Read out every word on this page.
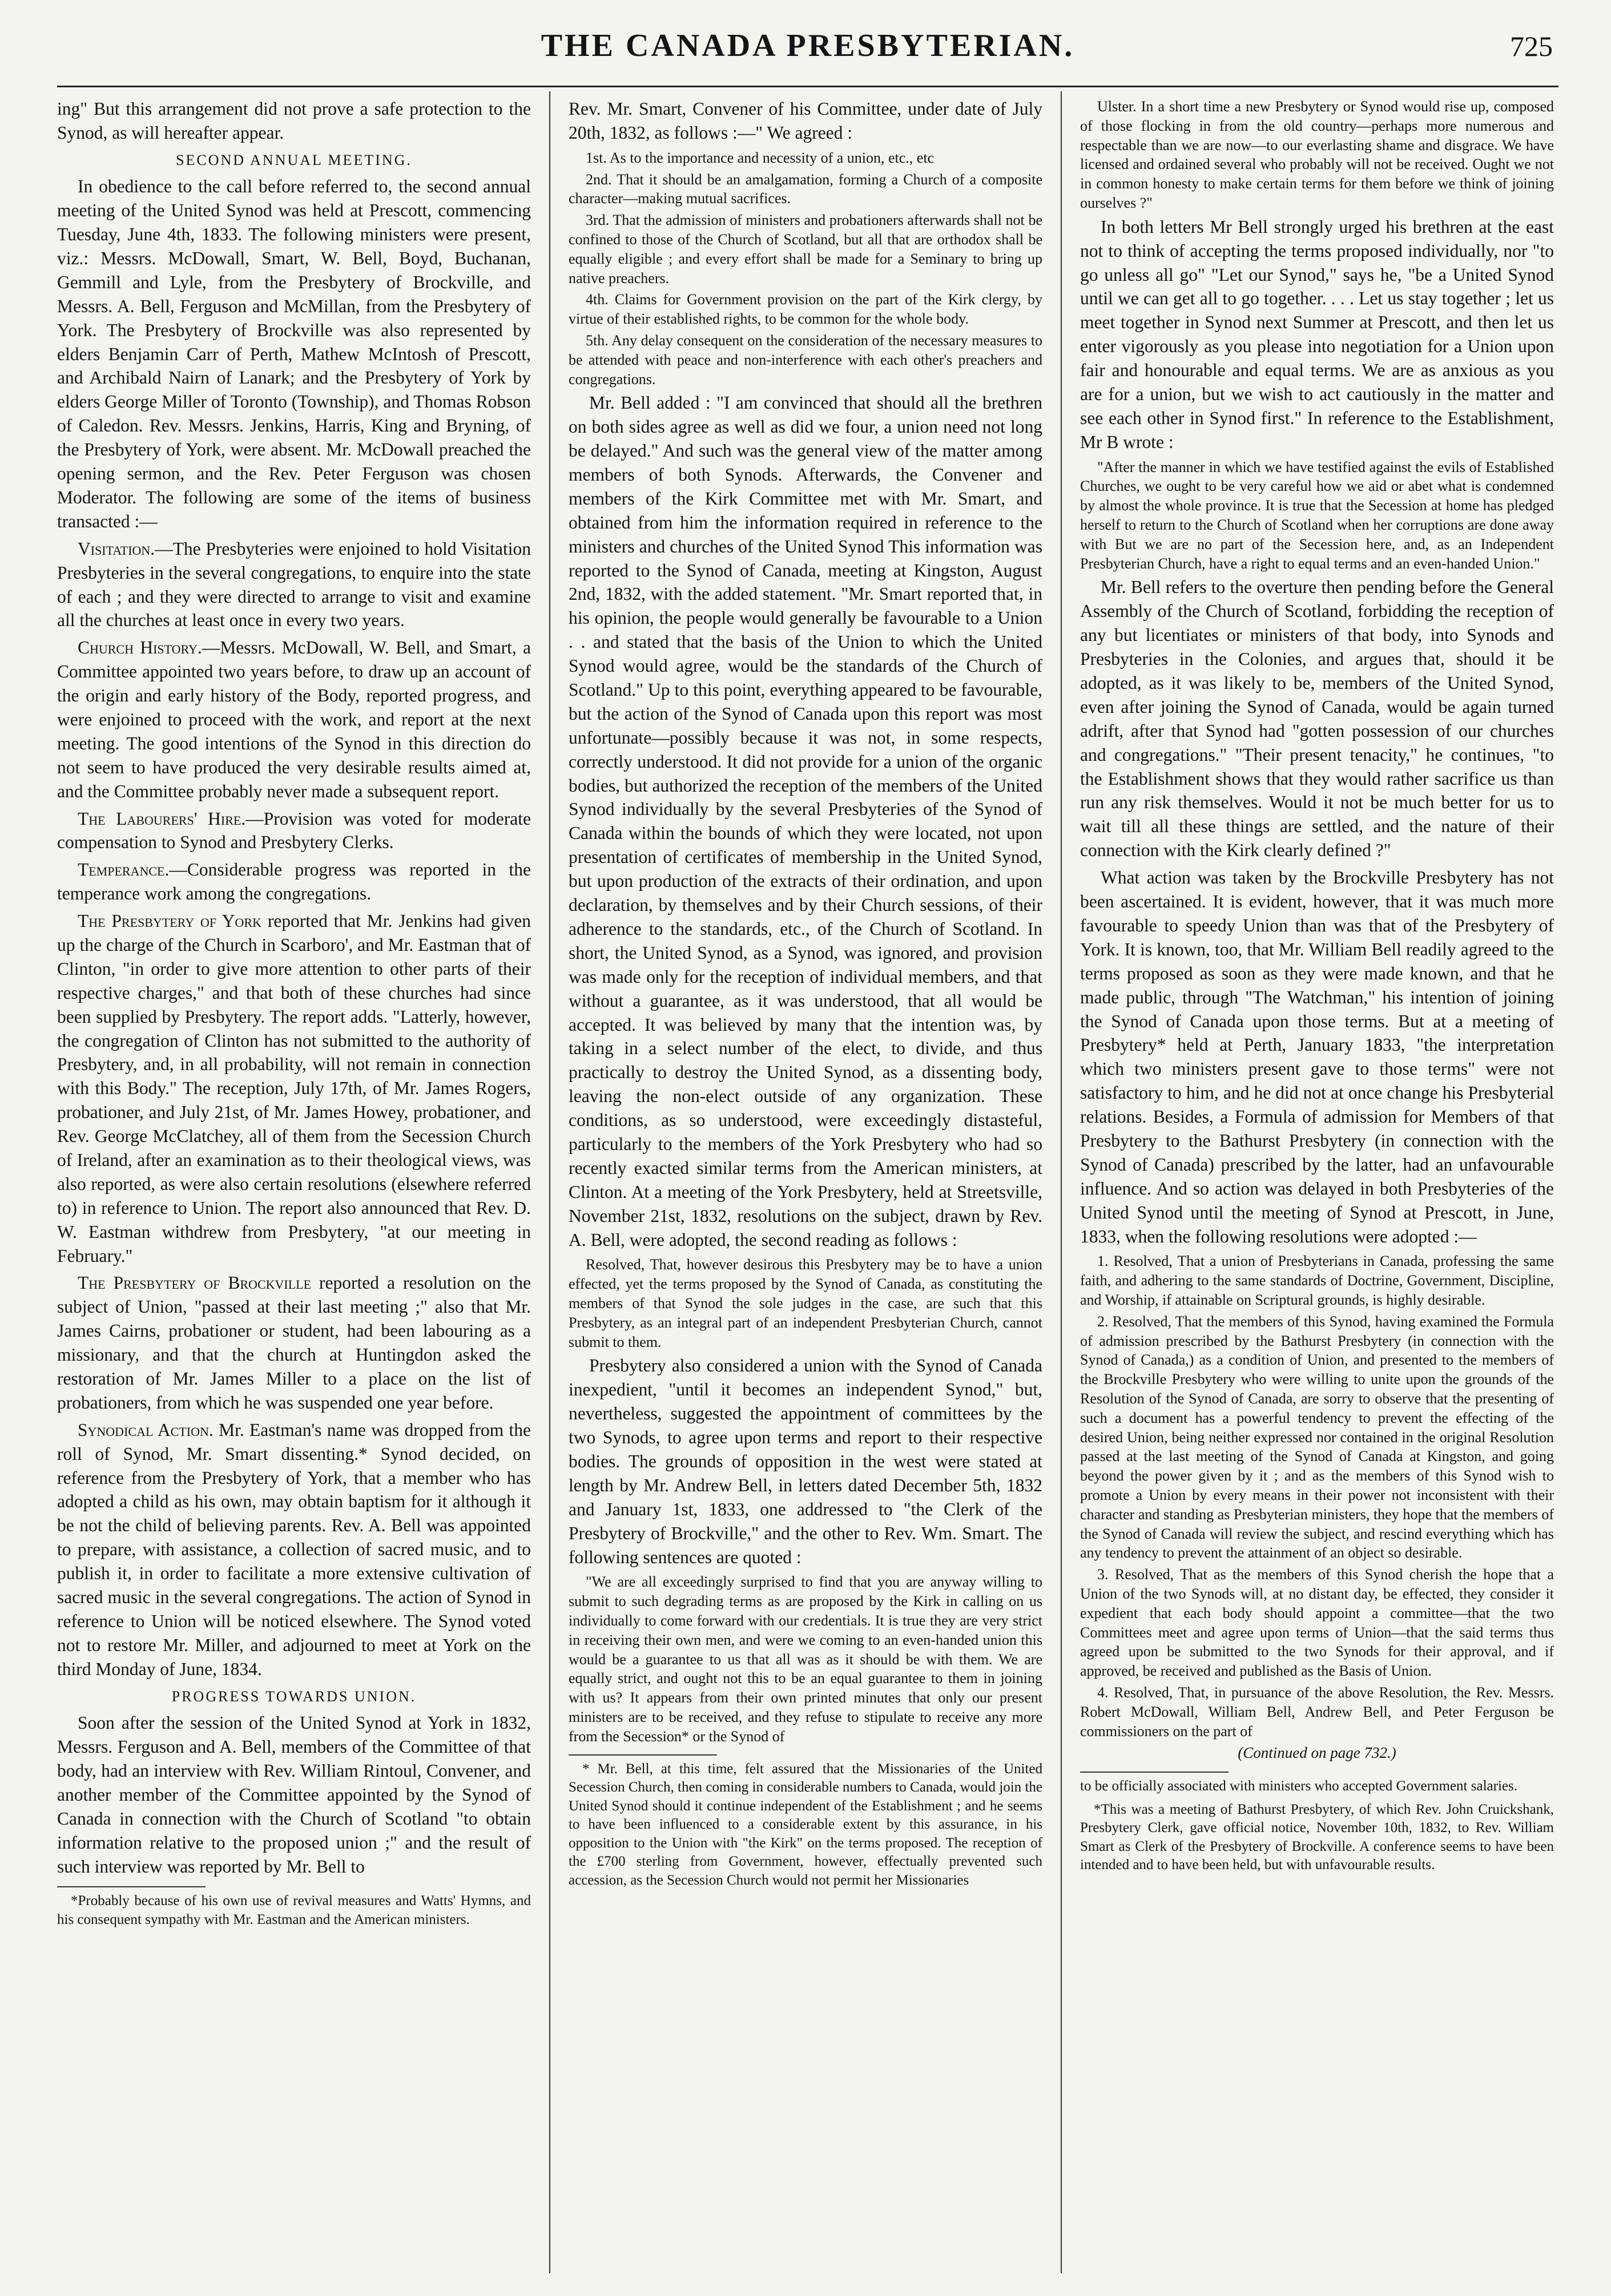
THE CANADA PRESBYTERIAN.	725

ing" But this arrangement did not prove a safe protection to the Synod, as will hereafter appear.

SECOND ANNUAL MEETING.

In obedience to the call before referred to, the second annual meeting of the United Synod was held at Prescott, commencing Tuesday, June 4th, 1833. The following ministers were present, viz.: Messrs. McDowall, Smart, W. Bell, Boyd, Buchanan, Gemmill and Lyle, from the Presbytery of Brockville, and Messrs. A. Bell, Ferguson and McMillan, from the Presbytery of York. The Presbytery of Brockville was also represented by elders Benjamin Carr of Perth, Mathew McIntosh of Prescott, and Archibald Nairn of Lanark; and the Presbytery of York by elders George Miller of Toronto (Township), and Thomas Robson of Caledon. Rev. Messrs. Jenkins, Harris, King and Bryning, of the Presbytery of York, were absent. Mr. McDowall preached the opening sermon, and the Rev. Peter Ferguson was chosen Moderator. The following are some of the items of business transacted :—

Visitation.—The Presbyteries were enjoined to hold Visitation Presbyteries in the several congregations, to enquire into the state of each ; and they were directed to arrange to visit and examine all the churches at least once in every two years.

Church History.—Messrs. McDowall, W. Bell, and Smart, a Committee appointed two years before, to draw up an account of the origin and early history of the Body, reported progress, and were enjoined to proceed with the work, and report at the next meeting. The good intentions of the Synod in this direction do not seem to have produced the very desirable results aimed at, and the Committee probably never made a subsequent report.

The Labourers' Hire.—Provision was voted for moderate compensation to Synod and Presbytery Clerks.

Temperance.—Considerable progress was reported in the temperance work among the congregations.

The Presbytery of York reported that Mr. Jenkins had given up the charge of the Church in Scarboro', and Mr. Eastman that of Clinton, "in order to give more attention to other parts of their respective charges," and that both of these churches had since been supplied by Presbytery. The report adds. "Latterly, however, the congregation of Clinton has not submitted to the authority of Presbytery, and, in all probability, will not remain in connection with this Body." The reception, July 17th, of Mr. James Rogers, probationer, and July 21st, of Mr. James Howey, probationer, and Rev. George McClatchey, all of them from the Secession Church of Ireland, after an examination as to their theological views, was also reported, as were also certain resolutions (elsewhere referred to) in reference to Union. The report also announced that Rev. D. W. Eastman withdrew from Presbytery, "at our meeting in February."

The Presbytery of Brockville reported a resolution on the subject of Union, "passed at their last meeting ;" also that Mr. James Cairns, probationer or student, had been labouring as a missionary, and that the church at Huntingdon asked the restoration of Mr. James Miller to a place on the list of probationers, from which he was suspended one year before.

Synodical Action. Mr. Eastman's name was dropped from the roll of Synod, Mr. Smart dissenting.* Synod decided, on reference from the Presbytery of York, that a member who has adopted a child as his own, may obtain baptism for it although it be not the child of believing parents. Rev. A. Bell was appointed to prepare, with assistance, a collection of sacred music, and to publish it, in order to facilitate a more extensive cultivation of sacred music in the several congregations. The action of Synod in reference to Union will be noticed elsewhere. The Synod voted not to restore Mr. Miller, and adjourned to meet at York on the third Monday of June, 1834.

PROGRESS TOWARDS UNION.

Soon after the session of the United Synod at York in 1832, Messrs. Ferguson and A. Bell, members of the Committee of that body, had an interview with Rev. William Rintoul, Convener, and another member of the Committee appointed by the Synod of Canada in connection with the Church of Scotland "to obtain information relative to the proposed union ;" and the result of such interview was reported by Mr. Bell to

*Probably because of his own use of revival measures and Watts' Hymns, and his consequent sympathy with Mr. Eastman and the American ministers.

Rev. Mr. Smart, Convener of his Committee, under date of July 20th, 1832, as follows :—" We agreed :

1st. As to the importance and necessity of a union, etc., etc

2nd. That it should be an amalgamation, forming a Church of a composite character—making mutual sacrifices.

3rd. That the admission of ministers and probationers afterwards shall not be confined to those of the Church of Scotland, but all that are orthodox shall be equally eligible ; and every effort shall be made for a Seminary to bring up native preachers.

4th. Claims for Government provision on the part of the Kirk clergy, by virtue of their established rights, to be common for the whole body.

5th. Any delay consequent on the consideration of the necessary measures to be attended with peace and non-interference with each other's preachers and congregations.

Mr. Bell added : "I am convinced that should all the brethren on both sides agree as well as did we four, a union need not long be delayed." And such was the general view of the matter among members of both Synods. Afterwards, the Convener and members of the Kirk Committee met with Mr. Smart, and obtained from him the information required in reference to the ministers and churches of the United Synod This information was reported to the Synod of Canada, meeting at Kingston, August 2nd, 1832, with the added statement. "Mr. Smart reported that, in his opinion, the people would generally be favourable to a Union . . and stated that the basis of the Union to which the United Synod would agree, would be the standards of the Church of Scotland." Up to this point, everything appeared to be favourable, but the action of the Synod of Canada upon this report was most unfortunate—possibly because it was not, in some respects, correctly understood. It did not provide for a union of the organic bodies, but authorized the reception of the members of the United Synod individually by the several Presbyteries of the Synod of Canada within the bounds of which they were located, not upon presentation of certificates of membership in the United Synod, but upon production of the extracts of their ordination, and upon declaration, by themselves and by their Church sessions, of their adherence to the standards, etc., of the Church of Scotland. In short, the United Synod, as a Synod, was ignored, and provision was made only for the reception of individual members, and that without a guarantee, as it was understood, that all would be accepted. It was believed by many that the intention was, by taking in a select number of the elect, to divide, and thus practically to destroy the United Synod, as a dissenting body, leaving the non-elect outside of any organization. These conditions, as so understood, were exceedingly distasteful, particularly to the members of the York Presbytery who had so recently exacted similar terms from the American ministers, at Clinton. At a meeting of the York Presbytery, held at Streetsville, November 21st, 1832, resolutions on the subject, drawn by Rev. A. Bell, were adopted, the second reading as follows :

Resolved, That, however desirous this Presbytery may be to have a union effected, yet the terms proposed by the Synod of Canada, as constituting the members of that Synod the sole judges in the case, are such that this Presbytery, as an integral part of an independent Presbyterian Church, cannot submit to them.

Presbytery also considered a union with the Synod of Canada inexpedient, "until it becomes an independent Synod," but, nevertheless, suggested the appointment of committees by the two Synods, to agree upon terms and report to their respective bodies. The grounds of opposition in the west were stated at length by Mr. Andrew Bell, in letters dated December 5th, 1832 and January 1st, 1833, one addressed to "the Clerk of the Presbytery of Brockville," and the other to Rev. Wm. Smart. The following sentences are quoted :

"We are all exceedingly surprised to find that you are anyway willing to submit to such degrading terms as are proposed by the Kirk in calling on us individually to come forward with our credentials. It is true they are very strict in receiving their own men, and were we coming to an even-handed union this would be a guarantee to us that all was as it should be with them. We are equally strict, and ought not this to be an equal guarantee to them in joining with us? It appears from their own printed minutes that only our present ministers are to be received, and they refuse to stipulate to receive any more from the Secession* or the Synod of

* Mr. Bell, at this time, felt assured that the Missionaries of the United Secession Church, then coming in considerable numbers to Canada, would join the United Synod should it continue independent of the Establishment ; and he seems to have been influenced to a considerable extent by this assurance, in his opposition to the Union with "the Kirk" on the terms proposed. The reception of the £700 sterling from Government, however, effectually prevented such accession, as the Secession Church would not permit her Missionaries

Ulster. In a short time a new Presbytery or Synod would rise up, composed of those flocking in from the old country—perhaps more numerous and respectable than we are now—to our everlasting shame and disgrace. We have licensed and ordained several who probably will not be received. Ought we not in common honesty to make certain terms for them before we think of joining ourselves ?"

In both letters Mr Bell strongly urged his brethren at the east not to think of accepting the terms proposed individually, nor "to go unless all go" "Let our Synod," says he, "be a United Synod until we can get all to go together. . . . Let us stay together ; let us meet together in Synod next Summer at Prescott, and then let us enter vigorously as you please into negotiation for a Union upon fair and honourable and equal terms. We are as anxious as you are for a union, but we wish to act cautiously in the matter and see each other in Synod first." In reference to the Establishment, Mr B wrote :

"After the manner in which we have testified against the evils of Established Churches, we ought to be very careful how we aid or abet what is condemned by almost the whole province. It is true that the Secession at home has pledged herself to return to the Church of Scotland when her corruptions are done away with But we are no part of the Secession here, and, as an Independent Presbyterian Church, have a right to equal terms and an even-handed Union."

Mr. Bell refers to the overture then pending before the General Assembly of the Church of Scotland, forbidding the reception of any but licentiates or ministers of that body, into Synods and Presbyteries in the Colonies, and argues that, should it be adopted, as it was likely to be, members of the United Synod, even after joining the Synod of Canada, would be again turned adrift, after that Synod had "gotten possession of our churches and congregations." "Their present tenacity," he continues, "to the Establishment shows that they would rather sacrifice us than run any risk themselves. Would it not be much better for us to wait till all these things are settled, and the nature of their connection with the Kirk clearly defined ?"

What action was taken by the Brockville Presbytery has not been ascertained. It is evident, however, that it was much more favourable to speedy Union than was that of the Presbytery of York. It is known, too, that Mr. William Bell readily agreed to the terms proposed as soon as they were made known, and that he made public, through "The Watchman," his intention of joining the Synod of Canada upon those terms. But at a meeting of Presbytery* held at Perth, January 1833, "the interpretation which two ministers present gave to those terms" were not satisfactory to him, and he did not at once change his Presbyterial relations. Besides, a Formula of admission for Members of that Presbytery to the Bathurst Presbytery (in connection with the Synod of Canada) prescribed by the latter, had an unfavourable influence. And so action was delayed in both Presbyteries of the United Synod until the meeting of Synod at Prescott, in June, 1833, when the following resolutions were adopted :—

1. Resolved, That a union of Presbyterians in Canada, professing the same faith, and adhering to the same standards of Doctrine, Government, Discipline, and Worship, if attainable on Scriptural grounds, is highly desirable.

2. Resolved, That the members of this Synod, having examined the Formula of admission prescribed by the Bathurst Presbytery (in connection with the Synod of Canada,) as a condition of Union, and presented to the members of the Brockville Presbytery who were willing to unite upon the grounds of the Resolution of the Synod of Canada, are sorry to observe that the presenting of such a document has a powerful tendency to prevent the effecting of the desired Union, being neither expressed nor contained in the original Resolution passed at the last meeting of the Synod of Canada at Kingston, and going beyond the power given by it ; and as the members of this Synod wish to promote a Union by every means in their power not inconsistent with their character and standing as Presbyterian ministers, they hope that the members of the Synod of Canada will review the subject, and rescind everything which has any tendency to prevent the attainment of an object so desirable.

3. Resolved, That as the members of this Synod cherish the hope that a Union of the two Synods will, at no distant day, be effected, they consider it expedient that each body should appoint a committee—that the two Committees meet and agree upon terms of Union—that the said terms thus agreed upon be submitted to the two Synods for their approval, and if approved, be received and published as the Basis of Union.

4. Resolved, That, in pursuance of the above Resolution, the Rev. Messrs. Robert McDowall, William Bell, Andrew Bell, and Peter Ferguson be commissioners on the part of

(Continued on page 732.)

to be officially associated with ministers who accepted Government salaries.

*This was a meeting of Bathurst Presbytery, of which Rev. John Cruickshank, Presbytery Clerk, gave official notice, November 10th, 1832, to Rev. William Smart as Clerk of the Presbytery of Brockville. A conference seems to have been intended and to have been held, but with unfavourable results.
